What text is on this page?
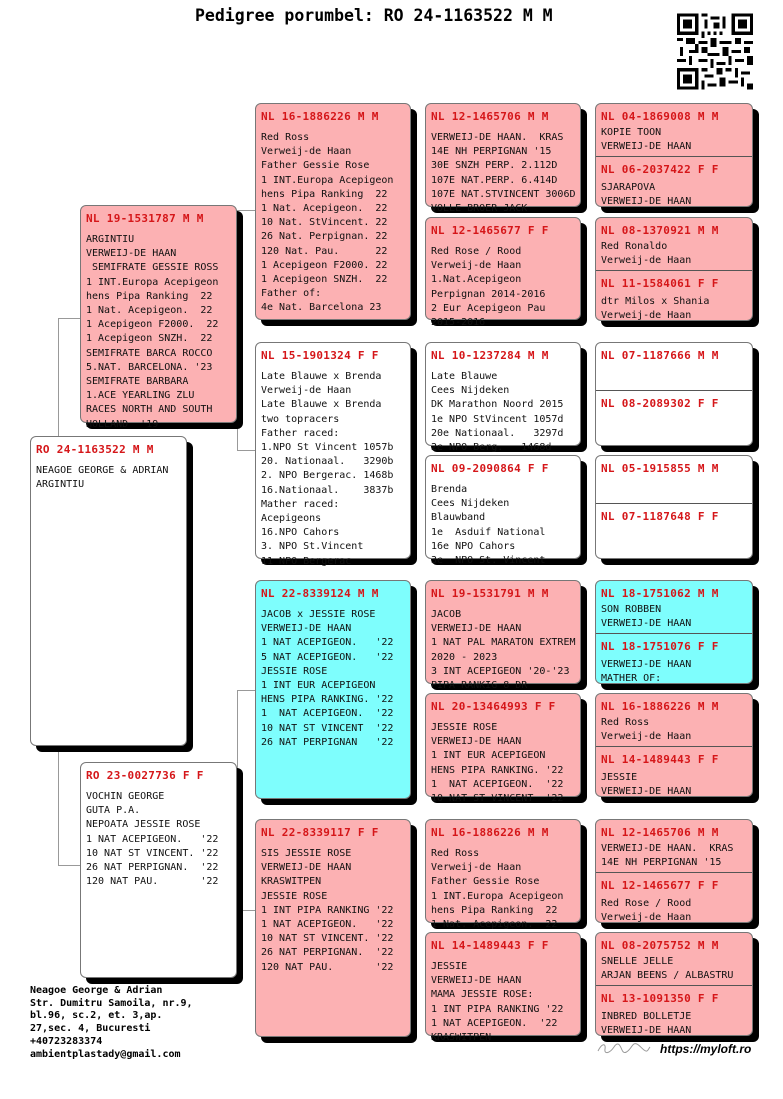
Pedigree porumbel: RO 24-1163522 M M
RO 24-1163522 M M
NEAGOE GEORGE & ADRIAN
ARGINTIU
NL 19-1531787 M M
ARGINTIU
VERWEIJ-DE HAAN
SEMIFRATE GESSIE ROSS
1 INT.Europa Acepigeon
hens Pipa Ranking  22
1 Nat. Acepigeon.  22
1 Acepigeon F2000.  22
1 Acepigeon SNZH.  22
SEMIFRATE BARCA ROCCO
5.NAT. BARCELONA. '23
SEMIFRATE BARBARA
1.ACE YEARLING ZLU
RACES NORTH AND SOUTH
HOLLAND  '19
RO 23-0027736 F F
VOCHIN GEORGE
GUTA P.A.
NEPOATA JESSIE ROSE
1 NAT ACEPIGEON.   '22
10 NAT ST VINCENT. '22
26 NAT PERPIGNAN.  '22
120 NAT PAU.       '22
NL 16-1886226 M M
Red Ross
Verweij-de Haan
Father Gessie Rose
1 INT.Europa Acepigeon
hens Pipa Ranking  22
1 Nat. Acepigeon.  22
10 Nat. StVincent. 22
26 Nat. Perpignan. 22
120 Nat. Pau.      22
1 Acepigeon F2000. 22
1 Acepigeon SNZH.  22
Father of:
4e Nat. Barcelona 23
NL 15-1901324 F F
Late Blauwe x Brenda
Verweij-de Haan
Late Blauwe x Brenda
two topracers
Father raced:
1.NPO St Vincent 1057b
20. Nationaal.   3290b
2. NPO Bergerac. 1468b
16.Nationaal.    3837b
Mather raced:
Acepigeons
16.NPO Cahors
3. NPO St.Vincent
11 NPO Bergerac
NL 22-8339124 M M
JACOB x JESSIE ROSE
VERWEIJ-DE HAAN
1 NAT ACEPIGEON.   '22
5 NAT ACEPIGEON.   '22
JESSIE ROSE
1 INT EUR ACEPIGEON
HENS PIPA RANKING. '22
1  NAT ACEPIGEON.  '22
10 NAT ST VINCENT  '22
26 NAT PERPIGNAN   '22
NL 22-8339117 F F
SIS JESSIE ROSE
VERWEIJ-DE HAAN
KRASWITPEN
JESSIE ROSE
1 INT PIPA RANKING '22
1 NAT ACEPIGEON.   '22
10 NAT ST VINCENT. '22
26 NAT PERPIGNAN.  '22
120 NAT PAU.       '22
NL 12-1465706 M M
VERWEIJ-DE HAAN.  KRAS
14E NH PERPIGNAN '15
30E SNZH PERP. 2.112D
107E NAT.PERP. 6.414D
107E NAT.STVINCENT 3006D
VOLLE BROER JACK
NL 12-1465677 F F
Red Rose / Rood
Verweij-de Haan
1.Nat.Acepigeon
Perpignan 2014-2016
2 Eur Acepigeon Pau
2015-2016
NL 10-1237284 M M
Late Blauwe
Cees Nijdeken
DK Marathon Noord 2015
1e NPO StVincent 1057d
20e Nationaal.   3297d
2e NPO Berg.   1468d
NL 09-2090864 F F
Brenda
Cees Nijdeken
Blauwband
1e  Asduif National
16e NPO Cahors
3e  NPO St. Vincent
NL 19-1531791 M M
JACOB
VERWEIJ-DE HAAN
1 NAT PAL MARATON EXTREM
2020 - 2023
3 INT ACEPIGEON '20-'23
PIPA RANKIG 8 DR
NL 20-13464993 F F
JESSIE ROSE
VERWEIJ-DE HAAN
1 INT EUR ACEPIGEON
HENS PIPA RANKING. '22
1  NAT ACEPIGEON.  '22
10 NAT ST VINCENT  '22
NL 16-1886226 M M
Red Ross
Verweij-de Haan
Father Gessie Rose
1 INT.Europa Acepigeon
hens Pipa Ranking  22
1 Nat. Acepigeon.  22
NL 14-1489443 F F
JESSIE
VERWEIJ-DE HAAN
MAMA JESSIE ROSE:
1 INT PIPA RANKING '22
1 NAT ACEPIGEON.  '22
KRASWITPEN
NL 04-1869008 M M
KOPIE TOON
VERWEIJ-DE HAAN
NL 06-2037422 F F
SJARAPOVA
VERWEIJ-DE HAAN
NL 08-1370921 M M
Red Ronaldo
Verweij-de Haan
NL 11-1584061 F F
dtr Milos x Shania
Verweij-de Haan
NL 07-1187666 M M
NL 08-2089302 F F
NL 05-1915855 M M
NL 07-1187648 F F
NL 18-1751062 M M
SON ROBBEN
VERWEIJ-DE HAAN
NL 18-1751076 F F
VERWEIJ-DE HAAN
MATHER OF:
NL 16-1886226 M M
Red Ross
Verweij-de Haan
NL 14-1489443 F F
JESSIE
VERWEIJ-DE HAAN
NL 12-1465706 M M
VERWEIJ-DE HAAN.  KRAS
14E NH PERPIGNAN '15
NL 12-1465677 F F
Red Rose / Rood
Verweij-de Haan
NL 08-2075752 M M
SNELLE JELLE
ARJAN BEENS / ALBASTRU
NL 13-1091350 F F
INBRED BOLLETJE
VERWEIJ-DE HAAN
Neagoe George & Adrian
Str. Dumitru Samoila, nr.9,
bl.96, sc.2, et. 3,ap.
27,sec. 4, Bucuresti
+40723283374
ambientplastady@gmail.com	https://myloft.ro
